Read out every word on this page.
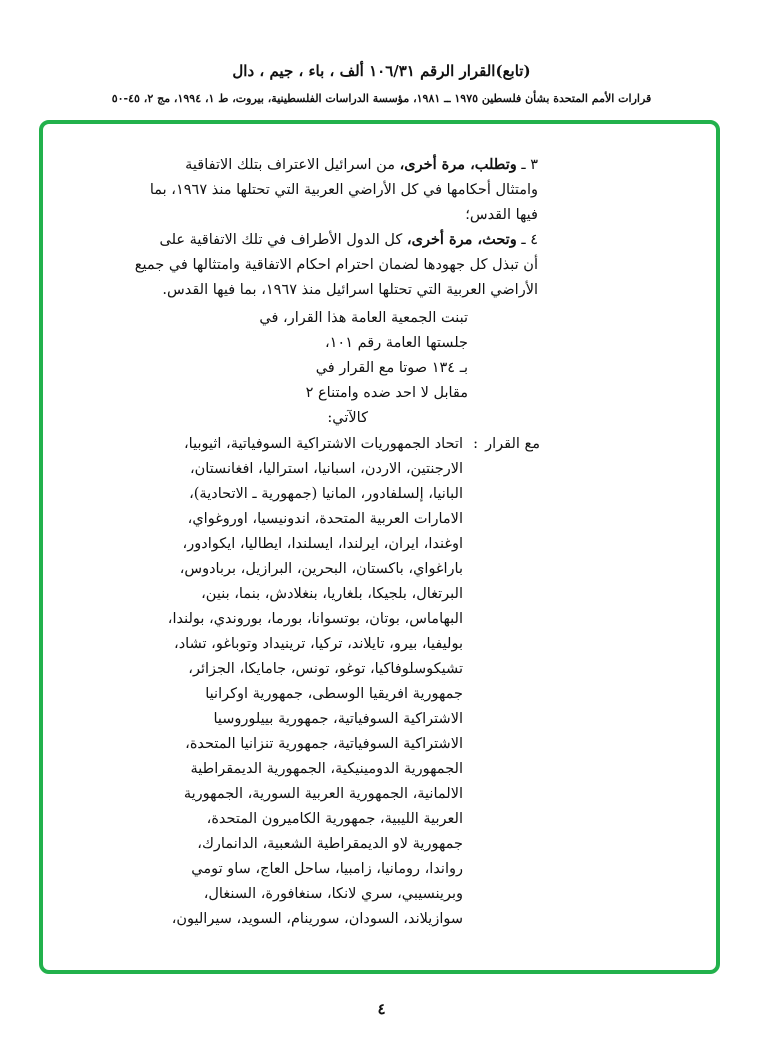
(تابع)القرار الرقم ١٠٦/٣١ ألف ، باء ، جيم ، دال
قرارات الأمم المتحدة بشأن فلسطين ١٩٧٥ ــ ١٩٨١، مؤسسة الدراسات الفلسطينية، بيروت، ط ١، ١٩٩٤، مج ٢، ٤٥-٥٠
٣ ـ وتطلب، مرة أخرى، من اسرائيل الاعتراف بتلك الاتفاقية
وامتثال أحكامها في كل الأراضي العربية التي تحتلها منذ ١٩٦٧، بما
فيها القدس؛
٤ ـ وتحث، مرة أخرى، كل الدول الأطراف في تلك الاتفاقية على
أن تبذل كل جهودها لضمان احترام احكام الاتفاقية وامتثالها في جميع
الأراضي العربية التي تحتلها اسرائيل منذ ١٩٦٧، بما فيها القدس.
تبنت الجمعية العامة هذا القرار، في
جلستها العامة رقم ١٠١،
بـ ١٣٤ صوتا مع القرار في
مقابل لا احد ضده وامتناع ٢
كالآتي:
مع القرار
:
اتحاد الجمهوريات الاشتراكية السوفياتية، اثيوبيا،
الارجنتين، الاردن، اسبانيا، استراليا، افغانستان،
البانيا، إلسلفادور، المانيا (جمهورية ـ الاتحادية)،
الامارات العربية المتحدة، اندونيسيا، اوروغواي،
اوغندا، ايران، ايرلندا، ايسلندا، ايطاليا، ايكوادور،
باراغواي، باكستان، البحرين، البرازيل، بربادوس،
البرتغال، بلجيكا، بلغاريا، بنغلادش، بنما، بنين،
البهاماس، بوتان، بوتسوانا، بورما، بوروندي، بولندا،
بوليفيا، بيرو، تايلاند، تركيا، ترينيداد وتوباغو، تشاد،
تشيكوسلوفاكيا، توغو، تونس، جامايكا، الجزائر،
جمهورية افريقيا الوسطى، جمهورية اوكرانيا
الاشتراكية السوفياتية، جمهورية بييلوروسيا
الاشتراكية السوفياتية، جمهورية تنزانيا المتحدة،
الجمهورية الدومينيكية، الجمهورية الديمقراطية
الالمانية، الجمهورية العربية السورية، الجمهورية
العربية الليبية، جمهورية الكاميرون المتحدة،
جمهورية لاو الديمقراطية الشعبية، الدانمارك،
رواندا، رومانيا، زامبيا، ساحل العاج، ساو تومي
وبرينسيبي، سري لانكا، سنغافورة، السنغال،
سوازيلاند، السودان، سورينام، السويد، سيراليون،
٤
